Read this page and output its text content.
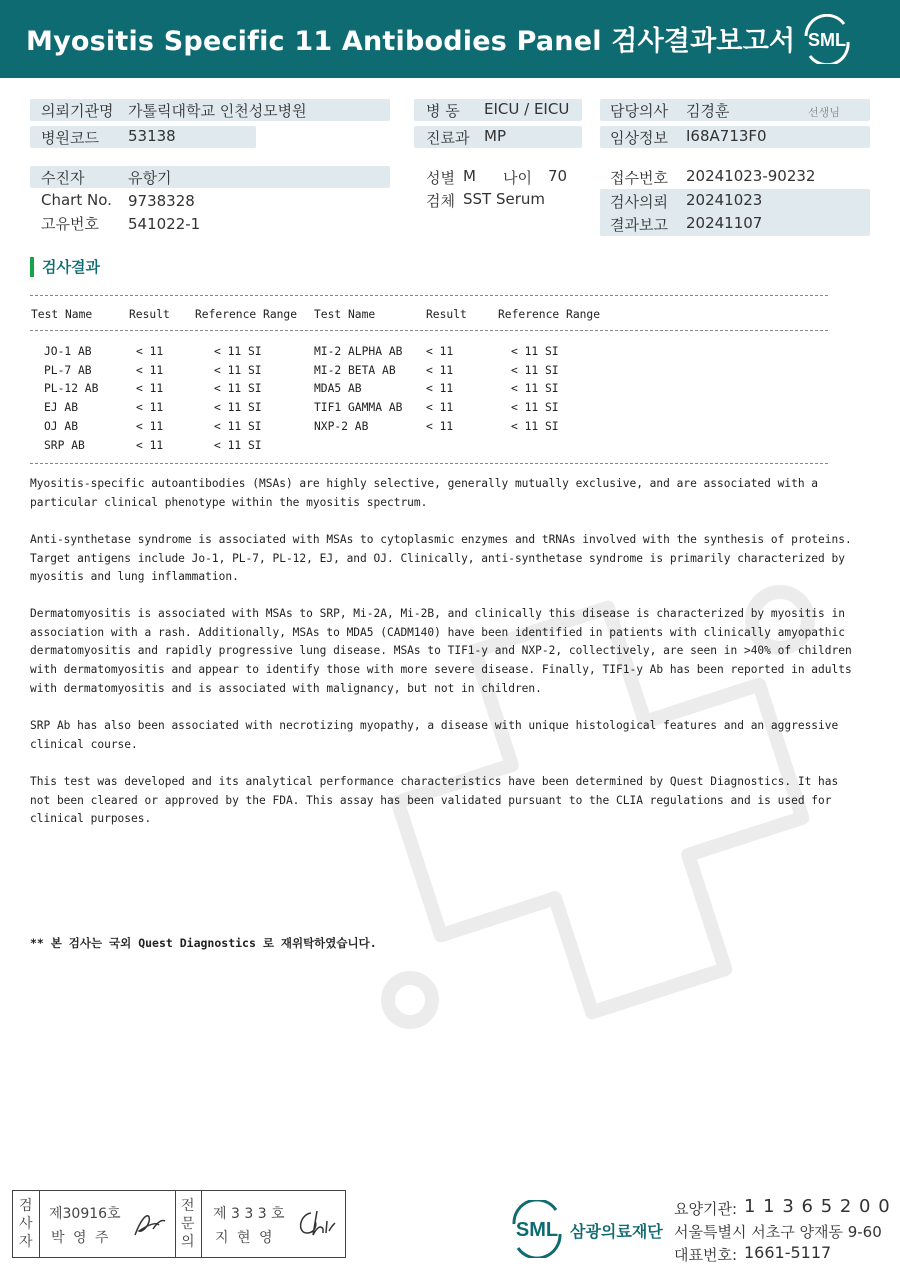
Myositis Specific 11 Antibodies Panel 검사결과보고서 SML
의뢰기관명 가톨릭대학교 인천성모병원
병원코드 53138
병 동 EICU / EICU
진료과 MP
담당의사 김경훈	선생님
임상정보 I68A713F0
수진자	유항기
Chart No. 9738328
고유번호 541022-1
성별 M 나이 70
검체 SST Serum
접수번호 20241023-90232
검사의뢰 20241023
결과보고 20241107
검사결과
Test Name	Result Reference Range Test Name	Result	Reference Range
JO-1 AB	< 11	< 11 SI	MI-2 ALPHA AB < 11	< 11 SI
PL-7 AB	< 11	< 11 SI	MI-2 BETA AB	< 11	< 11 SI
PL-12 AB	< 11	< 11 SI	MDA5 AB	< 11	< 11 SI
EJ AB	< 11	< 11 SI	TIF1 GAMMA AB < 11	< 11 SI
OJ AB	< 11	< 11 SI	NXP-2 AB	< 11	< 11 SI
SRP AB	< 11	< 11 SI
Myositis-specific autoantibodies (MSAs) are highly selective, generally mutually exclusive, and are associated with a
particular clinical phenotype within the myositis spectrum.
Anti-synthetase syndrome is associated with MSAs to cytoplasmic enzymes and tRNAs involved with the synthesis of proteins.
Target antigens include Jo-1, PL-7, PL-12, EJ, and OJ. Clinically, anti-synthetase syndrome is primarily characterized by
myositis and lung inflammation.
Dermatomyositis is associated with MSAs to SRP, Mi-2A, Mi-2B, and clinically this disease is characterized by myositis in
association with a rash. Additionally, MSAs to MDA5 (CADM140) have been identified in patients with clinically amyopathic
dermatomyositis and rapidly progressive lung disease. MSAs to TIF1-y and NXP-2, collectively, are seen in >40% of children
with dermatomyositis and appear to identify those with more severe disease. Finally, TIF1-y Ab has been reported in adults
with dermatomyositis and is associated with malignancy, but not in children.
SRP Ab has also been associated with necrotizing myopathy, a disease with unique histological features and an aggressive
clinical course.
This test was developed and its analytical performance characteristics have been determined by Quest Diagnostics. It has
not been cleared or approved by the FDA. This assay has been validated pursuant to the CLIA regulations and is used for
clinical purposes.
** 본 검사는 국외 Quest Diagnostics 로 재위탁하였습니다.
검사자
제30916호
박 영 주
전문의
제 3 3 3 호
지 현 영	SML 삼광의료재단
요양기관: 1 1 3 6 5 2 0 0
서울특별시 서초구 양재동 9-60
대표번호: 1661-5117
